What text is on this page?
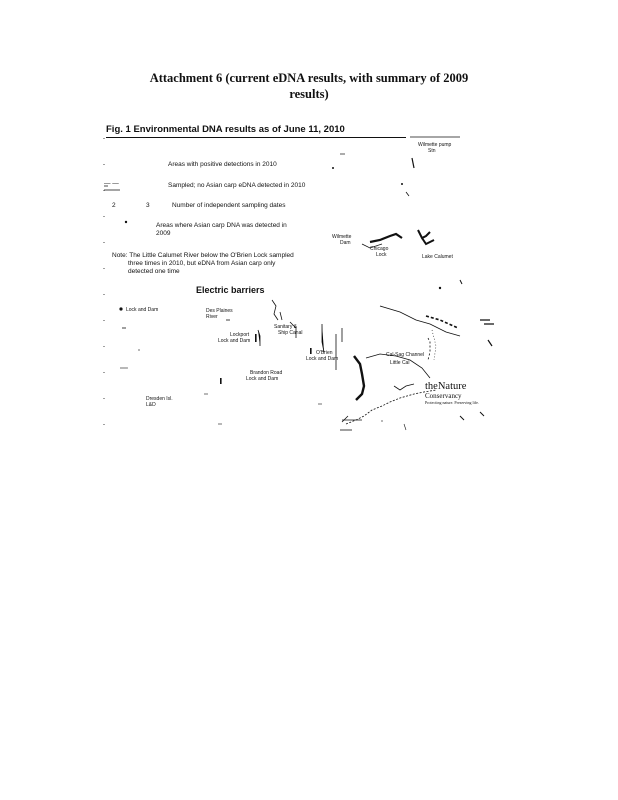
Attachment 6 (current eDNA results, with summary of 2009
results)
Fig. 1 Environmental DNA results as of June 11, 2010
Wilmette pump
Stn
Areas with positive detections in 2010
— —	Sampled; no Asian carp eDNA detected in 2010
2	3	Number of independent sampling dates
Areas where Asian carp DNA was detected in
2009
Note: The Little Calumet River below the O'Brien Lock sampled
three times in 2010, but eDNA from Asian carp only
detected one time
Electric barriers
Wilmette
Dam
Chicago
Lock	Lake Calumet
Lock and Dam	Des Plaines
River
Sanitary &
Ship Canal
Lockport
Lock and Dam
O'Brien
Lock and Dam
Cal-Sag Channel
Little Cal
Brandon Road
Lock and Dam
Dresden Isl.
L&D
theNature
Conservancy
Protecting nature. Preserving life.
